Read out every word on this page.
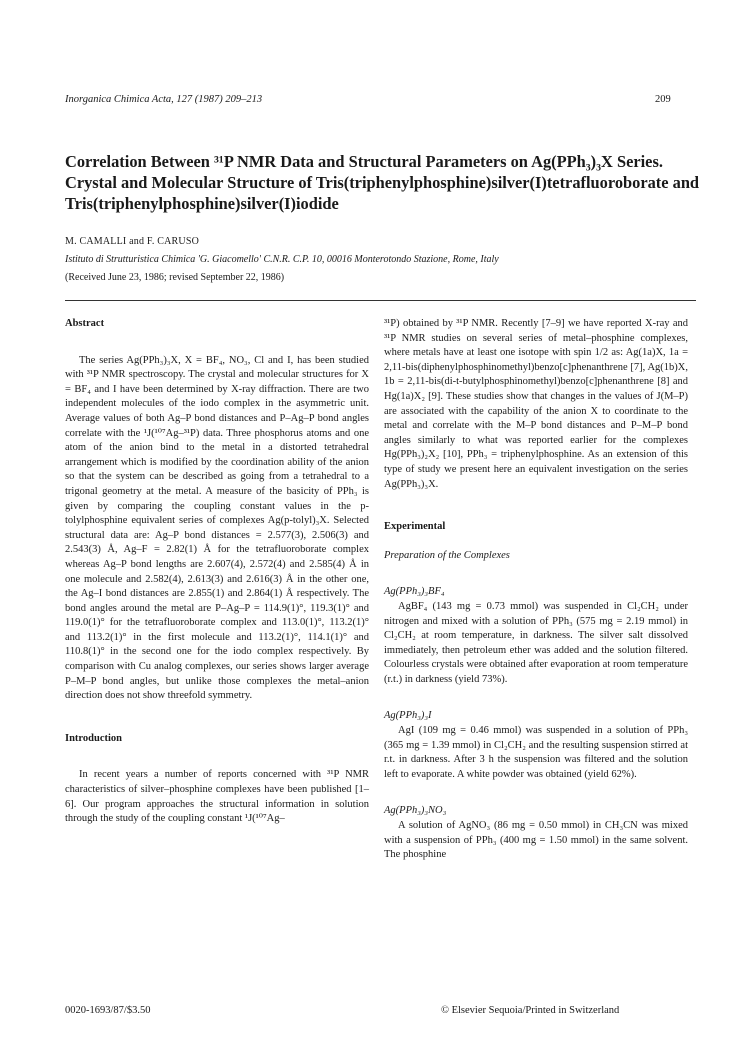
Inorganica Chimica Acta, 127 (1987) 209–213	209
Correlation Between ³¹P NMR Data and Structural Parameters on Ag(PPh₃)₃X Series. Crystal and Molecular Structure of Tris(triphenylphosphine)silver(I)tetrafluoroborate and Tris(triphenylphosphine)silver(I)iodide
M. CAMALLI and F. CARUSO
Istituto di Strutturistica Chimica 'G. Giacomello' C.N.R. C.P. 10, 00016 Monterotondo Stazione, Rome, Italy
(Received June 23, 1986; revised September 22, 1986)

Abstract

The series Ag(PPh₃)₃X, X = BF₄, NO₃, Cl and I, has been studied with ³¹P NMR spectroscopy. The crystal and molecular structures for X = BF₄ and I have been determined by X-ray diffraction. There are two independent molecules of the iodo complex in the asymmetric unit. Average values of both Ag–P bond distances and P–Ag–P bond angles correlate with the ¹J(¹⁰⁷Ag–³¹P) data. Three phosphorus atoms and one atom of the anion bind to the metal in a distorted tetrahedral arrangement which is modified by the coordination ability of the anion so that the system can be described as going from a tetrahedral to a trigonal geometry at the metal. A measure of the basicity of PPh₃ is given by comparing the coupling constant values in the p-tolylphosphine equivalent series of complexes Ag(p-tolyl)₃X. Selected structural data are: Ag–P bond distances = 2.577(3), 2.506(3) and 2.543(3) Å, Ag–F = 2.82(1) Å for the tetrafluoroborate complex whereas Ag–P bond lengths are 2.607(4), 2.572(4) and 2.585(4) Å in one molecule and 2.582(4), 2.613(3) and 2.616(3) Å in the other one, the Ag–I bond distances are 2.855(1) and 2.864(1) Å respectively. The bond angles around the metal are P–Ag–P = 114.9(1)°, 119.3(1)° and 119.0(1)° for the tetrafluoroborate complex and 113.0(1)°, 113.2(1)° and 113.2(1)° in the first molecule and 113.2(1)°, 114.1(1)° and 110.8(1)° in the second one for the iodo complex respectively. By comparison with Cu analog complexes, our series shows larger average P–M–P bond angles, but unlike those complexes the metal–anion direction does not show threefold symmetry.

Introduction

In recent years a number of reports concerned with ³¹P NMR characteristics of silver–phosphine complexes have been published [1–6]. Our program approaches the structural information in solution through the study of the coupling constant ¹J(¹⁰⁷Ag–

³¹P) obtained by ³¹P NMR. Recently [7–9] we have reported X-ray and ³¹P NMR studies on several series of metal–phosphine complexes, where metals have at least one isotope with spin 1/2 as: Ag(1a)X, 1a = 2,11-bis(diphenylphosphinomethyl)benzo[c]phenanthrene [7], Ag(1b)X, 1b = 2,11-bis(di-t-butylphosphinomethyl)benzo[c]phenanthrene [8] and Hg(1a)X₂ [9]. These studies show that changes in the values of J(M–P) are associated with the capability of the anion X to coordinate to the metal and correlate with the M–P bond distances and P–M–P bond angles similarly to what was reported earlier for the complexes Hg(PPh₃)₂X₂ [10], PPh₃ = triphenylphosphine. As an extension of this type of study we present here an equivalent investigation on the series Ag(PPh₃)₃X.

Experimental

Preparation of the Complexes

Ag(PPh₃)₃BF₄

AgBF₄ (143 mg = 0.73 mmol) was suspended in Cl₂CH₂ under nitrogen and mixed with a solution of PPh₃ (575 mg = 2.19 mmol) in Cl₂CH₂ at room temperature, in darkness. The silver salt dissolved immediately, then petroleum ether was added and the solution filtered. Colourless crystals were obtained after evaporation at room temperature (r.t.) in darkness (yield 73%).

Ag(PPh₃)₃I

AgI (109 mg = 0.46 mmol) was suspended in a solution of PPh₃ (365 mg = 1.39 mmol) in Cl₂CH₂ and the resulting suspension stirred at r.t. in darkness. After 3 h the suspension was filtered and the solution left to evaporate. A white powder was obtained (yield 62%).

Ag(PPh₃)₃NO₃

A solution of AgNO₃ (86 mg = 0.50 mmol) in CH₃CN was mixed with a suspension of PPh₃ (400 mg = 1.50 mmol) in the same solvent. The phosphine

0020-1693/87/$3.50	© Elsevier Sequoia/Printed in Switzerland
